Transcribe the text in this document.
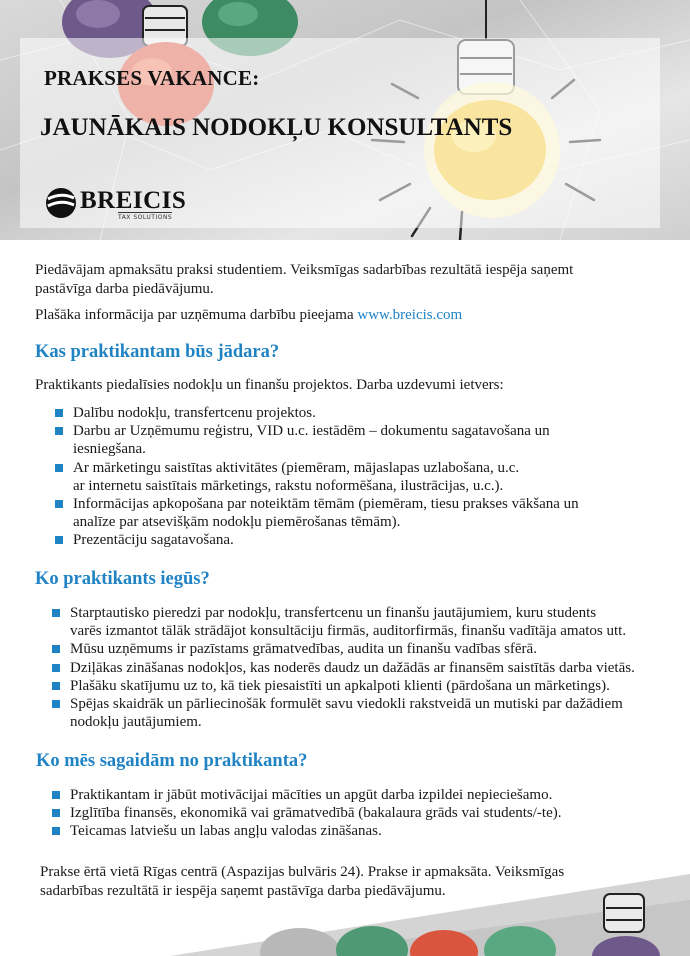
PRAKSES VAKANCE:
JAUNĀKAIS NODOKĻU KONSULTANTS
BREICIS
TAX SOLUTIONS

Piedāvājam apmaksātu praksi studentiem. Veiksmīgas sadarbības rezultātā iespēja saņemt

pastāvīga darba piedāvājumu.

Plašāka informācija par uzņēmuma darbību pieejama www.breicis.com

Kas praktikantam būs jādara?

Praktikants piedalīsies nodokļu un finanšu projektos. Darba uzdevumi ietvers:

Dalību nodokļu, transfertcenu projektos.
Darbu ar Uzņēmumu reģistru, VID u.c. iestādēm – dokumentu sagatavošana un
iesniegšana.
Ar mārketingu saistītas aktivitātes (piemēram, mājaslapas uzlabošana, u.c.
ar internetu saistītais mārketings, rakstu noformēšana, ilustrācijas, u.c.).
Informācijas apkopošana par noteiktām tēmām (piemēram, tiesu prakses vākšana un
analīze par atsevišķām nodokļu piemērošanas tēmām).
Prezentāciju sagatavošana.
Ko praktikants iegūs?
Starptautisko pieredzi par nodokļu, transfertcenu un finanšu jautājumiem, kuru students
varēs izmantot tālāk strādājot konsultāciju firmās, auditorfirmās, finanšu vadītāja amatos utt.
Mūsu uzņēmums ir pazīstams grāmatvedības, audita un finanšu vadības sfērā.
Dziļākas zināšanas nodokļos, kas noderēs daudz un dažādās ar finansēm saistītās darba vietās.
Plašāku skatījumu uz to, kā tiek piesaistīti un apkalpoti klienti (pārdošana un mārketings).
Spējas skaidrāk un pārliecinošāk formulēt savu viedokli rakstveidā un mutiski par dažādiem
nodokļu jautājumiem.
Ko mēs sagaidām no praktikanta?
Praktikantam ir jābūt motivācijai mācīties un apgūt darba izpildei nepieciešamo.
Izglītība finansēs, ekonomikā vai grāmatvedībā (bakalaura grāds vai students/-te).
Teicamas latviešu un labas angļu valodas zināšanas.

Prakse ērtā vietā Rīgas centrā (Aspazijas bulvāris 24). Prakse ir apmaksāta. Veiksmīgas

sadarbības rezultātā ir iespēja saņemt pastāvīga darba piedāvājumu.
